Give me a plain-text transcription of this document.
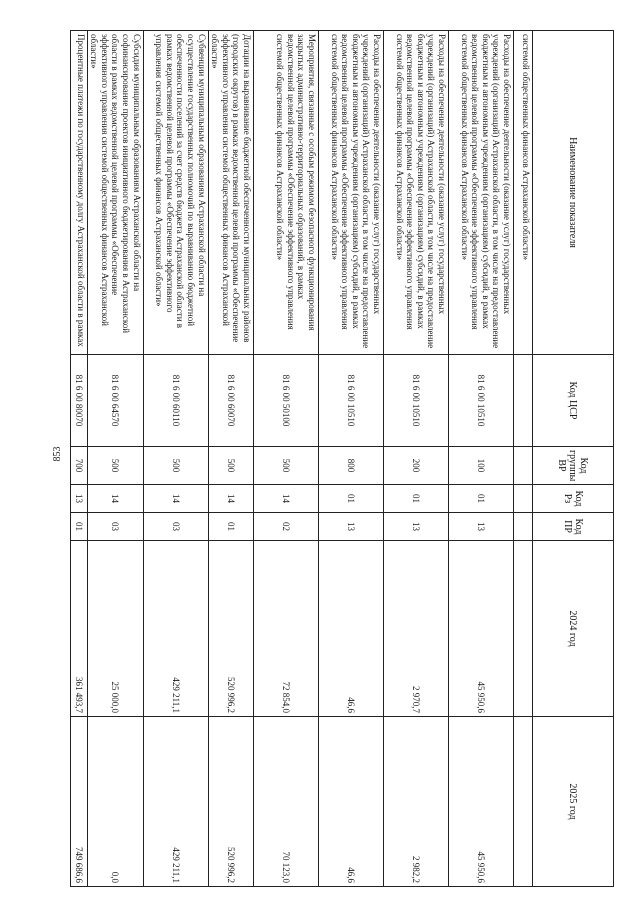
853
Наименование показателя	Код ЦСР	Код группы ВР	Код Рз	Код ПР	2024 год	2025 год
системой общественных финансов Астраханской области»						
Расходы на обеспечение деятельности (оказание услуг) государственных учреждений (организаций) Астраханской области, в том числе на предоставление бюджетным и автономным учреждениям (организациям) субсидий, в рамках ведомственной целевой программы «Обеспечение эффективного управления системой общественных финансов Астраханской области»	81 6 00 10510	100	01	13	45 950,6	45 950,6
Расходы на обеспечение деятельности (оказание услуг) государственных учреждений (организаций) Астраханской области, в том числе на предоставление бюджетным и автономным учреждениям (организациям) субсидий, в рамках ведомственной целевой программы «Обеспечение эффективного управления системой общественных финансов Астраханской области»	81 6 00 10510	200	01	13	2 970,7	2 982,2
Расходы на обеспечение деятельности (оказание услуг) государственных учреждений (организаций) Астраханской области, в том числе на предоставление бюджетным и автономным учреждениям (организациям) субсидий, в рамках ведомственной целевой программы «Обеспечение эффективного управления системой общественных финансов Астраханской области»	81 6 00 10510	800	01	13	46,6	46,6
Мероприятия, связанные с особым режимом безопасного функционирования закрытых административно-территориальных образований, в рамках ведомственной целевой программы «Обеспечение эффективного управления системой общественных финансов Астраханской области»	81 6 00 50100	500	14	02	72 854,0	70 123,0
Дотации на выравнивание бюджетной обеспеченности муниципальных районов (городских округов) в рамках ведомственной целевой программы «Обеспечение эффективного управления системой общественных финансов Астраханской области»	81 6 00 60070	500	14	01	520 996,2	520 996,2
Субвенции муниципальным образованиям Астраханской области на осуществление государственных полномочий по выравниванию бюджетной обеспеченности поселений за счет средств бюджета Астраханской области в рамках ведомственной целевой программы «Обеспечение эффективного управления системой общественных финансов Астраханской области»	81 6 00 60110	500	14	03	429 211,1	429 211,1
Субсидия муниципальным образованиям Астраханской области на софинансирование проектов инициативного бюджетирования в Астраханской области в рамках ведомственной целевой программы «Обеспечение эффективного управления системой общественных финансов Астраханской области»	81 6 00 64570	500	14	03	25 000,0	0,0
Процентные платежи по государственному долгу Астраханской области в рамках	81 6 00 80070	700	13	01	361 493,7	749 686,6
